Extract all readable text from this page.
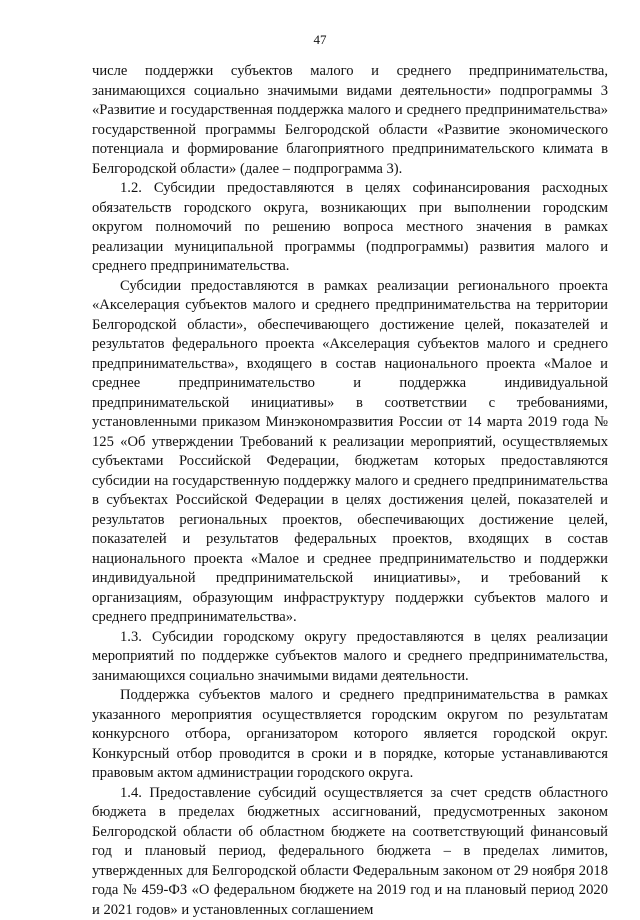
47

числе поддержки субъектов малого и среднего предпринимательства, занимающихся социально значимыми видами деятельности» подпрограммы 3 «Развитие и государственная поддержка малого и среднего предпринимательства» государственной программы Белгородской области «Развитие экономического потенциала и формирование благоприятного предпринимательского климата в Белгородской области» (далее – подпрограмма 3).

1.2. Субсидии предоставляются в целях софинансирования расходных обязательств городского округа, возникающих при выполнении городским округом полномочий по решению вопроса местного значения в рамках реализации муниципальной программы (подпрограммы) развития малого и среднего предпринимательства.

Субсидии предоставляются в рамках реализации регионального проекта «Акселерация субъектов малого и среднего предпринимательства на территории Белгородской области», обеспечивающего достижение целей, показателей и результатов федерального проекта «Акселерация субъектов малого и среднего предпринимательства», входящего в состав национального проекта «Малое и среднее предпринимательство и поддержка индивидуальной предпринимательской инициативы» в соответствии с требованиями, установленными приказом Минэкономразвития России от 14 марта 2019 года № 125 «Об утверждении Требований к реализации мероприятий, осуществляемых субъектами Российской Федерации, бюджетам которых предоставляются субсидии на государственную поддержку малого и среднего предпринимательства в субъектах Российской Федерации в целях достижения целей, показателей и результатов региональных проектов, обеспечивающих достижение целей, показателей и результатов федеральных проектов, входящих в состав национального проекта «Малое и среднее предпринимательство и поддержки индивидуальной предпринимательской инициативы», и требований к организациям, образующим инфраструктуру поддержки субъектов малого и среднего предпринимательства».

1.3. Субсидии городскому округу предоставляются в целях реализации мероприятий по поддержке субъектов малого и среднего предпринимательства, занимающихся социально значимыми видами деятельности.

Поддержка субъектов малого и среднего предпринимательства в рамках указанного мероприятия осуществляется городским округом по результатам конкурсного отбора, организатором которого является городской округ. Конкурсный отбор проводится в сроки и в порядке, которые устанавливаются правовым актом администрации городского округа.

1.4. Предоставление субсидий осуществляется за счет средств областного бюджета в пределах бюджетных ассигнований, предусмотренных законом Белгородской области об областном бюджете на соответствующий финансовый год и плановый период, федерального бюджета – в пределах лимитов, утвержденных для Белгородской области Федеральным законом от 29 ноября 2018 года № 459-ФЗ «О федеральном бюджете на 2019 год и на плановый период 2020 и 2021 годов» и установленных соглашением
